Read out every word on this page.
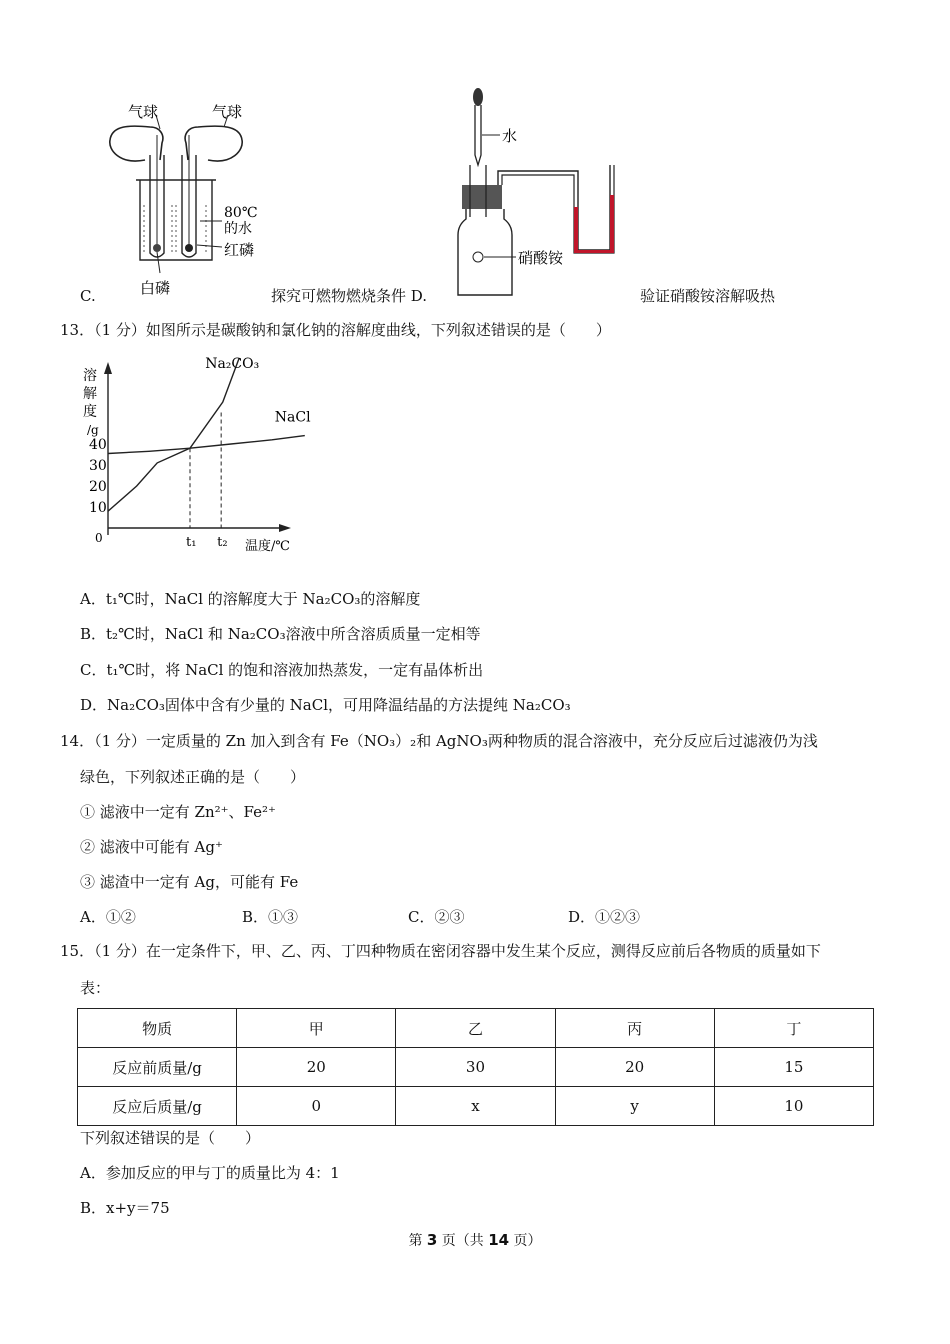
气球	气球
80℃
的水
红磷
白磷
水
硝酸铵
C.	探究可燃物燃烧条件 D.	验证硝酸铵溶解吸热
13．（1 分）如图所示是碳酸钠和氯化钠的溶解度曲线，下列叙述错误的是（　　）
溶
解
度
/g
10
20
30
40
t₁ t₂
Na₂CO₃
NaCl
温度/℃
0
A．t₁℃时，NaCl 的溶解度大于 Na₂CO₃的溶解度
B．t₂℃时，NaCl 和 Na₂CO₃溶液中所含溶质质量一定相等
C．t₁℃时，将 NaCl 的饱和溶液加热蒸发，一定有晶体析出
D．Na₂CO₃固体中含有少量的 NaCl，可用降温结晶的方法提纯 Na₂CO₃
14．（1 分）一定质量的 Zn 加入到含有 Fe（NO₃）₂和 AgNO₃两种物质的混合溶液中，充分反应后过滤液仍为浅
绿色，下列叙述正确的是（　　）
① 滤液中一定有 Zn²⁺、Fe²⁺
② 滤液中可能有 Ag⁺
③ 滤渣中一定有 Ag，可能有 Fe
A．①②	B．①③	C．②③	D．①②③
15．（1 分）在一定条件下，甲、乙、丙、丁四种物质在密闭容器中发生某个反应，测得反应前后各物质的质量如下
表：
物质	甲	乙	丙	丁
反应前质量/g	20	30	20	15
反应后质量/g	0	x	y	10
下列叙述错误的是（　　）
A．参加反应的甲与丁的质量比为 4：1
B．x+y＝75
第 3 页（共 14 页）
